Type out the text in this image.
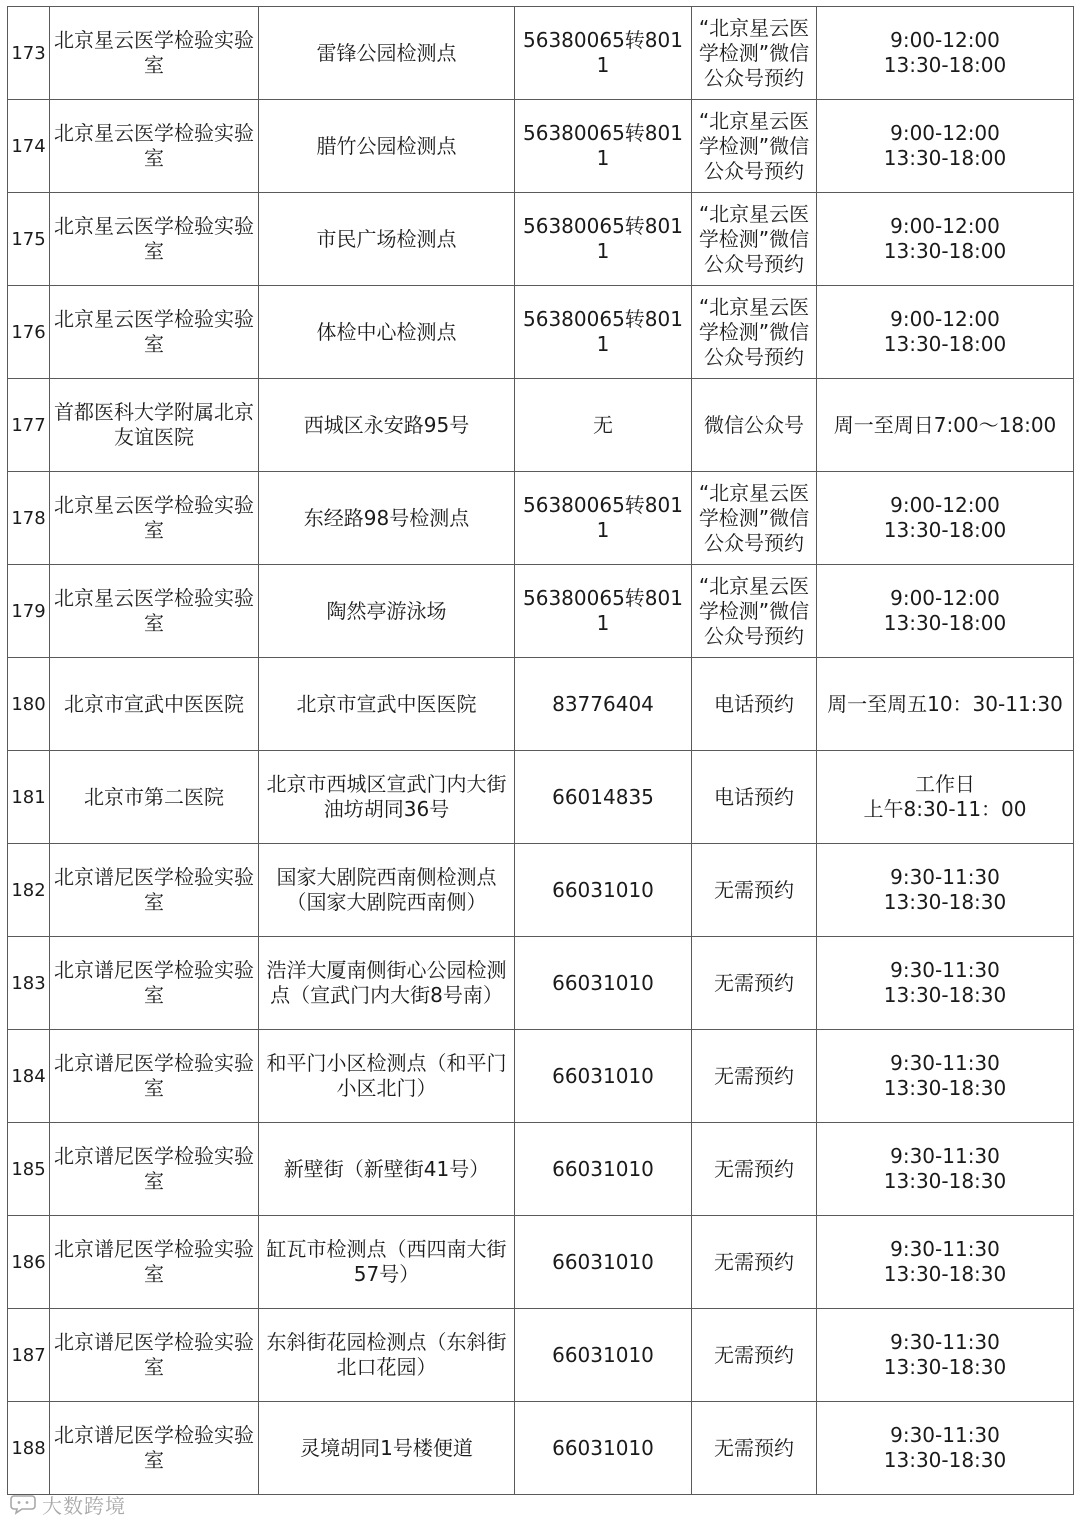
173	北京星云医学检验实验室	雷锋公园检测点	56380065转8011	“北京星云医学检测”微信公众号预约	9:00-12:00
13:30-18:00

174	北京星云医学检验实验室	腊竹公园检测点	56380065转8011	“北京星云医学检测”微信公众号预约	9:00-12:00
13:30-18:00

175	北京星云医学检验实验室	市民广场检测点	56380065转8011	“北京星云医学检测”微信公众号预约	9:00-12:00
13:30-18:00

176	北京星云医学检验实验室	体检中心检测点	56380065转8011	“北京星云医学检测”微信公众号预约	9:00-12:00
13:30-18:00

177	首都医科大学附属北京友谊医院	西城区永安路95号	无	微信公众号	周一至周日7:00～18:00

178	北京星云医学检验实验室	东经路98号检测点	56380065转8011	“北京星云医学检测”微信公众号预约	9:00-12:00
13:30-18:00

179	北京星云医学检验实验室	陶然亭游泳场	56380065转8011	“北京星云医学检测”微信公众号预约	9:00-12:00
13:30-18:00

180	北京市宣武中医医院	北京市宣武中医医院	83776404	电话预约	周一至周五10：30-11:30

181	北京市第二医院	北京市西城区宣武门内大街油坊胡同36号	66014835	电话预约	工作日
上午8:30-11：00

182	北京谱尼医学检验实验室	国家大剧院西南侧检测点（国家大剧院西南侧）	66031010	无需预约	9:30-11:30
13:30-18:30

183	北京谱尼医学检验实验室	浩洋大厦南侧街心公园检测点（宣武门内大街8号南）	66031010	无需预约	9:30-11:30
13:30-18:30

184	北京谱尼医学检验实验室	和平门小区检测点（和平门小区北门）	66031010	无需预约	9:30-11:30
13:30-18:30

185	北京谱尼医学检验实验室	新壁街（新壁街41号）	66031010	无需预约	9:30-11:30
13:30-18:30

186	北京谱尼医学检验实验室	缸瓦市检测点（西四南大街57号）	66031010	无需预约	9:30-11:30
13:30-18:30

187	北京谱尼医学检验实验室	东斜街花园检测点（东斜街北口花园）	66031010	无需预约	9:30-11:30
13:30-18:30

188	北京谱尼医学检验实验室	灵境胡同1号楼便道	66031010	无需预约	9:30-11:30
13:30-18:30
大数跨境
